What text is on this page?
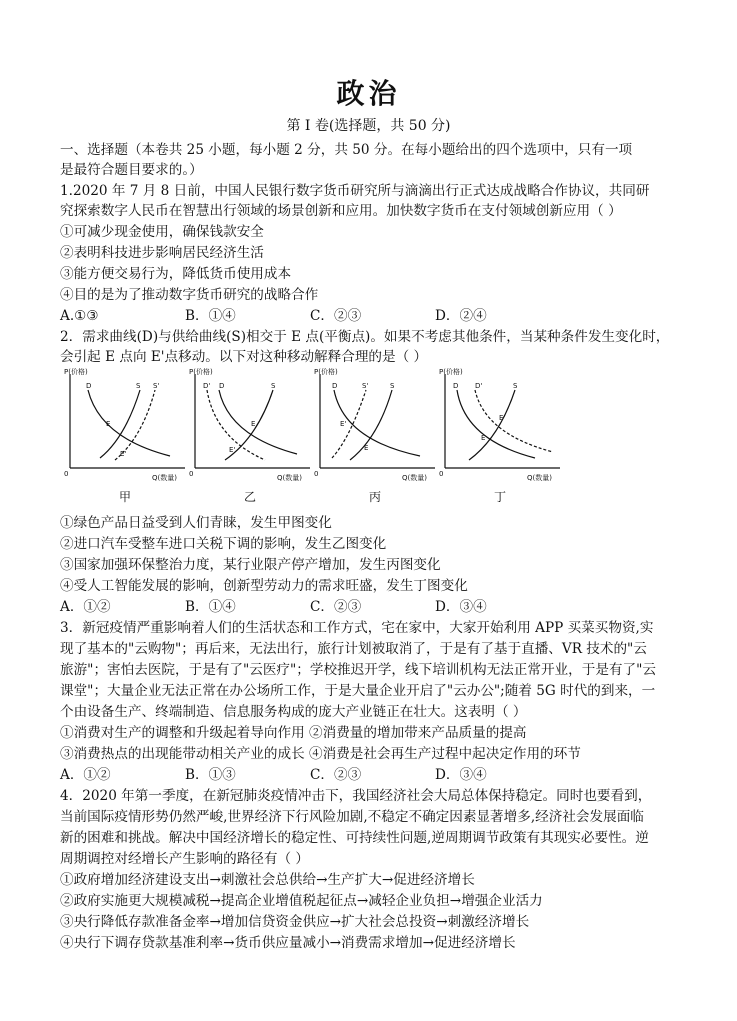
政治
第 I 卷(选择题，共 50 分)
一、选择题（本卷共 25 小题，每小题 2 分，共 50 分。在每小题给出的四个选项中，只有一项
是最符合题目要求的。）
1.2020 年 7 月 8 日前，中国人民银行数字货币研究所与滴滴出行正式达成战略合作协议，共同研
究探索数字人民币在智慧出行领域的场景创新和应用。加快数字货币在支付领域创新应用（ ）
①可减少现金使用，确保钱款安全
②表明科技进步影响居民经济生活
③能方便交易行为，降低货币使用成本
④目的是为了推动数字货币研究的战略合作
A.①③	B．①④	C．②③	D．②④
2．需求曲线(D)与供给曲线(S)相交于 E 点(平衡点)。如果不考虑其他条件，当某种条件发生变化时，
会引起 E 点向 E'点移动。以下对这种移动解释合理的是（ ）
P(价格)
0	Q(数量)
D	S S'
E
E'
甲
P(价格)
0	Q(数量)
D' D	S
E
E'
乙
P(价格)
0	Q(数量)
D	S'	S
E'
E
丙
P(价格)
0	Q(数量)
D D'	S
E'
E
丁
①绿色产品日益受到人们青睐，发生甲图变化
②进口汽车受整车进口关税下调的影响，发生乙图变化
③国家加强环保整治力度，某行业限产停产增加，发生丙图变化
④受人工智能发展的影响，创新型劳动力的需求旺盛，发生丁图变化
A．①②	B．①④	C．②③	D．③④
3．新冠疫情严重影响着人们的生活状态和工作方式，宅在家中，大家开始利用 APP 买菜买物资,实
现了基本的"云购物"；再后来，无法出行，旅行计划被取消了，于是有了基于直播、VR 技术的"云
旅游"；害怕去医院，于是有了"云医疗"；学校推迟开学，线下培训机构无法正常开业，于是有了"云
课堂"；大量企业无法正常在办公场所工作，于是大量企业开启了"云办公";随着 5G 时代的到来，一
个由设备生产、终端制造、信息服务构成的庞大产业链正在壮大。这表明（ ）
①消费对生产的调整和升级起着导向作用 ②消费量的增加带来产品质量的提高
③消费热点的出现能带动相关产业的成长 ④消费是社会再生产过程中起决定作用的环节
A．①②	B．①③	C．②③	D．③④
4．2020 年第一季度，在新冠肺炎疫情冲击下，我国经济社会大局总体保持稳定。同时也要看到，
当前国际疫情形势仍然严峻,世界经济下行风险加剧,不稳定不确定因素显著增多,经济社会发展面临
新的困难和挑战。解决中国经济增长的稳定性、可持续性问题,逆周期调节政策有其现实必要性。逆
周期调控对经增长产生影响的路径有（ ）
①政府增加经济建设支出→刺激社会总供给→生产扩大→促进经济增长
②政府实施更大规模减税→提高企业增值税起征点→减轻企业负担→增强企业活力
③央行降低存款准备金率→增加信贷资金供应→扩大社会总投资→刺激经济增长
④央行下调存贷款基准利率→货币供应量减小→消费需求增加→促进经济增长
